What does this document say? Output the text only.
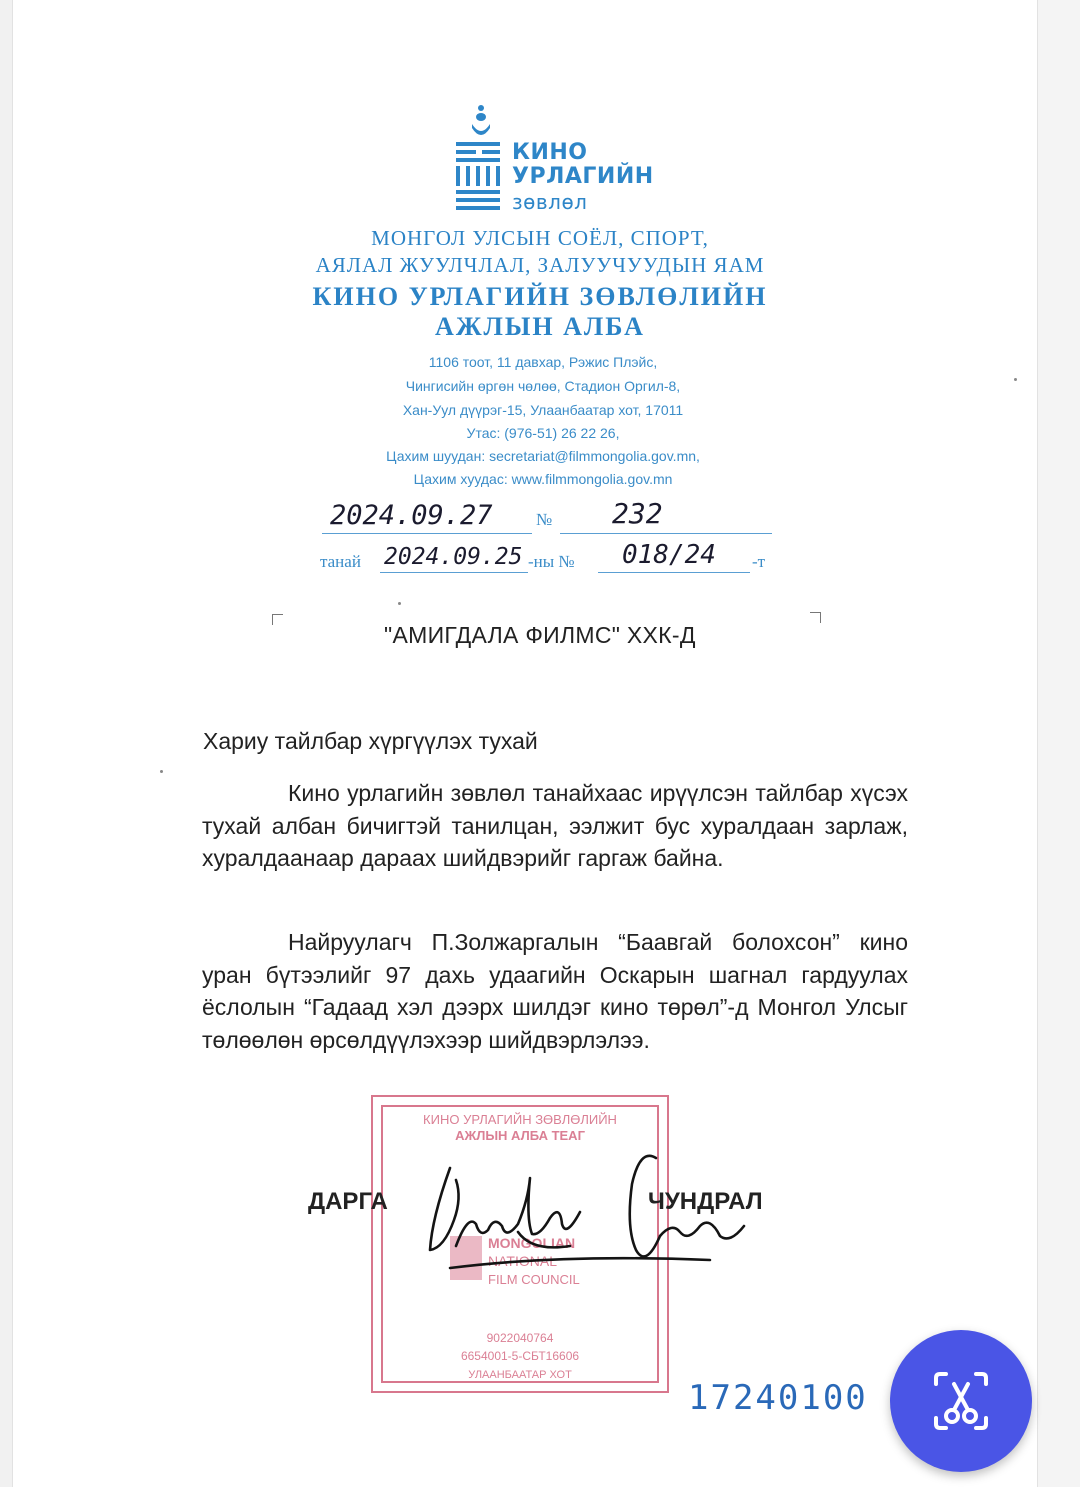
КИНО
УРЛАГИЙН
зөвлөл
МОНГОЛ УЛСЫН СОЁЛ, СПОРТ,
АЯЛАЛ ЖУУЛЧЛАЛ, ЗАЛУУЧУУДЫН ЯАМ
КИНО УРЛАГИЙН ЗӨВЛӨЛИЙН
АЖЛЫН АЛБА
1106 тоот, 11 давхар, Рэжис Плэйс,
Чингисийн өргөн чөлөө, Стадион Оргил-8,
Хан-Уул дүүрэг-15, Улаанбаатар хот, 17011
Утас: (976-51) 26 22 26,
Цахим шуудан: secretariat@filmmongolia.gov.mn,
Цахим хуудас: www.filmmongolia.gov.mn
2024.09.27	№ 232
танай 2024.09.25 -ны № 018/24 -т
"АМИГДАЛА ФИЛМС" ХХК-Д
Хариу тайлбар хүргүүлэх тухай

Кино урлагийн зөвлөл танайхаас ирүүлсэн тайлбар хүсэх тухай албан бичигтэй танилцан, ээлжит бус хуралдаан зарлаж, хуралдаанаар дараах шийдвэрийг гаргаж байна.

Найруулагч П.Золжаргалын “Баавгай болохсон” кино уран бүтээлийг 97 дахь удаагийн Оскарын шагнал гардуулах ёслолын “Гадаад хэл дээрх шилдэг кино төрөл”-д Монгол Улсыг төлөөлөн өрсөлдүүлэхээр шийдвэрлэлээ.

КИНО УРЛАГИЙН ЗӨВЛӨЛИЙН
АЖЛЫН АЛБА ТЕАГ
MONGOLIAN
NATIONAL
FILM COUNCIL
9022040764
6654001-5-СБТ16606
УЛААНБААТАР ХОТ
ДАРГА	ЧУНДРАЛ
17240100
